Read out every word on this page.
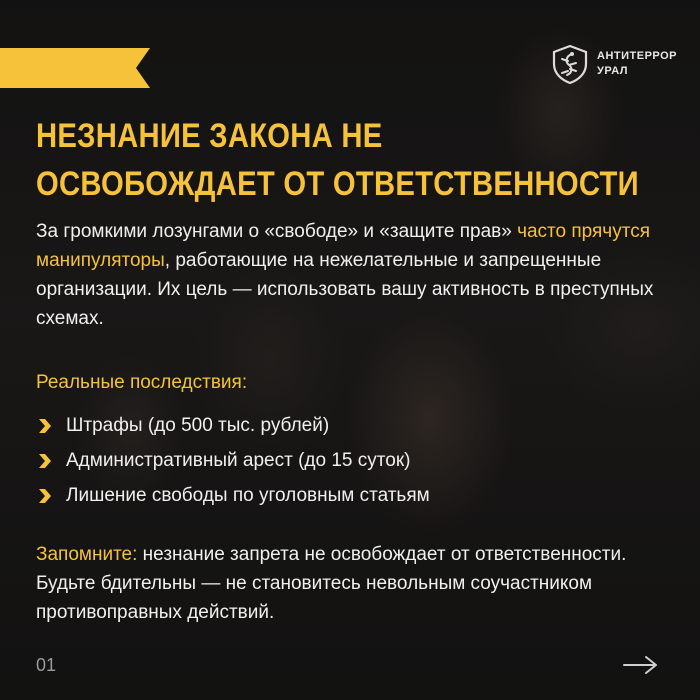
АНТИТЕРРОР
УРАЛ
НЕЗНАНИЕ ЗАКОНА НЕ
ОСВОБОЖДАЕТ ОТ ОТВЕТСТВЕННОСТИ

За громкими лозунгами о «свободе» и «защите прав» часто прячутся манипуляторы, работающие на нежелательные и запрещенные организации. Их цель — использовать вашу активность в преступных схемах.

Реальные последствия:
Штрафы (до 500 тыс. рублей)
Административный арест (до 15 суток)
Лишение свободы по уголовным статьям

Запомните: незнание запрета не освобождает от ответственности. Будьте бдительны — не становитесь невольным соучастником противоправных действий.

01
